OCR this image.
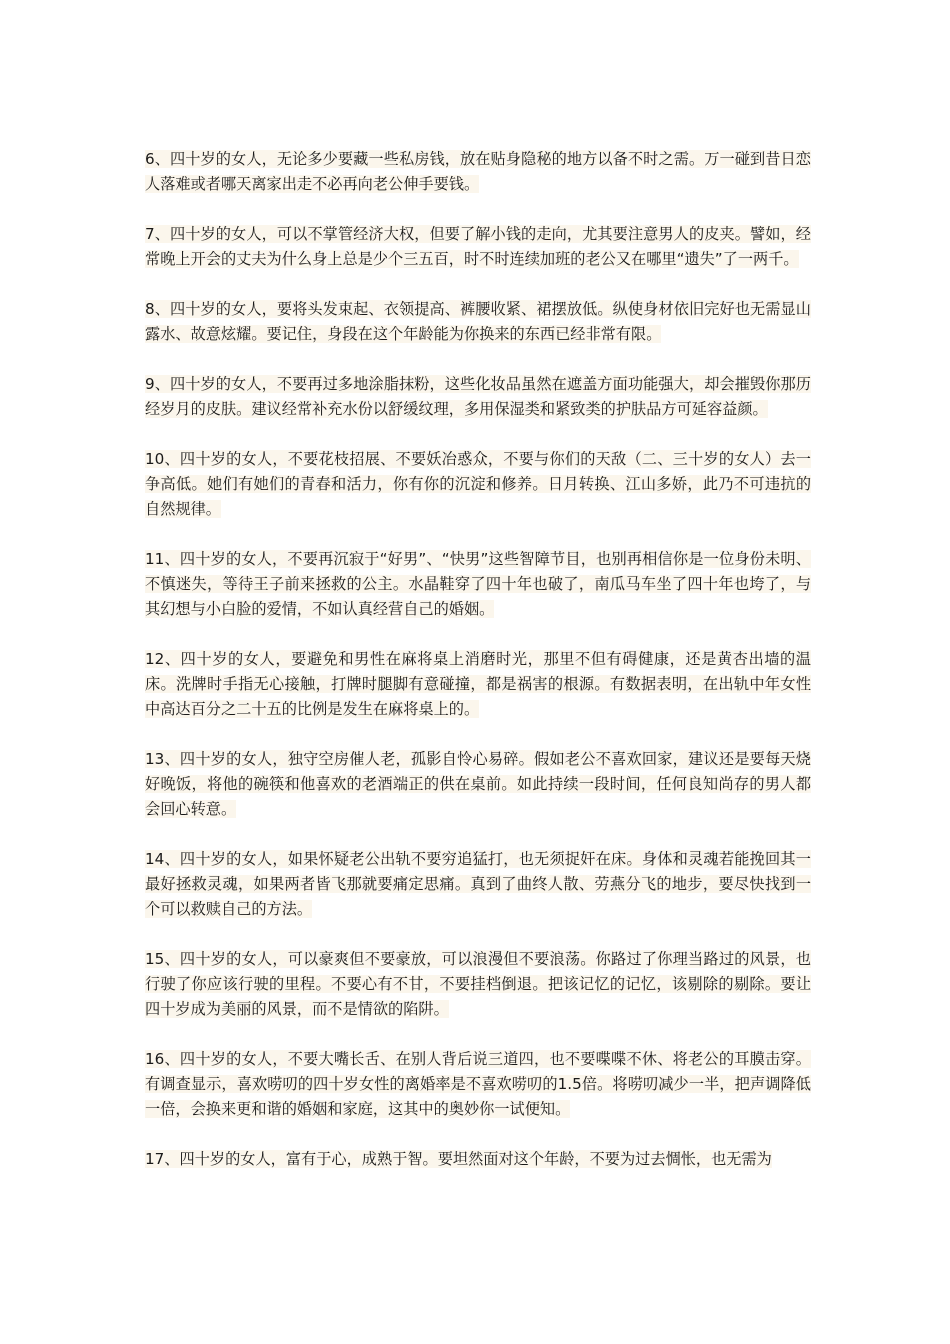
6、四十岁的女人，无论多少要藏一些私房钱，放在贴身隐秘的地方以备不时之需。万一碰到昔日恋人落难或者哪天离家出走不必再向老公伸手要钱。

7、四十岁的女人，可以不掌管经济大权，但要了解小钱的走向，尤其要注意男人的皮夹。譬如，经常晚上开会的丈夫为什么身上总是少个三五百，时不时连续加班的老公又在哪里“遗失”了一两千。

8、四十岁的女人，要将头发束起、衣领提高、裤腰收紧、裙摆放低。纵使身材依旧完好也无需显山露水、故意炫耀。要记住，身段在这个年龄能为你换来的东西已经非常有限。

9、四十岁的女人，不要再过多地涂脂抹粉，这些化妆品虽然在遮盖方面功能强大，却会摧毁你那历经岁月的皮肤。建议经常补充水份以舒缓纹理，多用保湿类和紧致类的护肤品方可延容益颜。

10、四十岁的女人，不要花枝招展、不要妖冶惑众，不要与你们的天敌（二、三十岁的女人）去一争高低。她们有她们的青春和活力，你有你的沉淀和修养。日月转换、江山多娇，此乃不可违抗的自然规律。

11、四十岁的女人，不要再沉寂于“好男”、“快男”这些智障节目，也别再相信你是一位身份未明、不慎迷失，等待王子前来拯救的公主。水晶鞋穿了四十年也破了，南瓜马车坐了四十年也垮了，与其幻想与小白脸的爱情，不如认真经营自己的婚姻。

12、四十岁的女人，要避免和男性在麻将桌上消磨时光，那里不但有碍健康，还是黄杏出墙的温床。洗牌时手指无心接触，打牌时腿脚有意碰撞，都是祸害的根源。有数据表明，在出轨中年女性中高达百分之二十五的比例是发生在麻将桌上的。

13、四十岁的女人，独守空房催人老，孤影自怜心易碎。假如老公不喜欢回家，建议还是要每天烧好晚饭，将他的碗筷和他喜欢的老酒端正的供在桌前。如此持续一段时间，任何良知尚存的男人都会回心转意。

14、四十岁的女人，如果怀疑老公出轨不要穷追猛打，也无须捉奸在床。身体和灵魂若能挽回其一最好拯救灵魂，如果两者皆飞那就要痛定思痛。真到了曲终人散、劳燕分飞的地步，要尽快找到一个可以救赎自己的方法。

15、四十岁的女人，可以豪爽但不要豪放，可以浪漫但不要浪荡。你路过了你理当路过的风景，也行驶了你应该行驶的里程。不要心有不甘，不要挂档倒退。把该记忆的记忆，该剔除的剔除。要让四十岁成为美丽的风景，而不是情欲的陷阱。

16、四十岁的女人，不要大嘴长舌、在别人背后说三道四，也不要喋喋不休、将老公的耳膜击穿。有调查显示，喜欢唠叨的四十岁女性的离婚率是不喜欢唠叨的1.5倍。将唠叨减少一半，把声调降低一倍，会换来更和谐的婚姻和家庭，这其中的奥妙你一试便知。

17、四十岁的女人，富有于心，成熟于智。要坦然面对这个年龄，不要为过去惆怅，也无需为
